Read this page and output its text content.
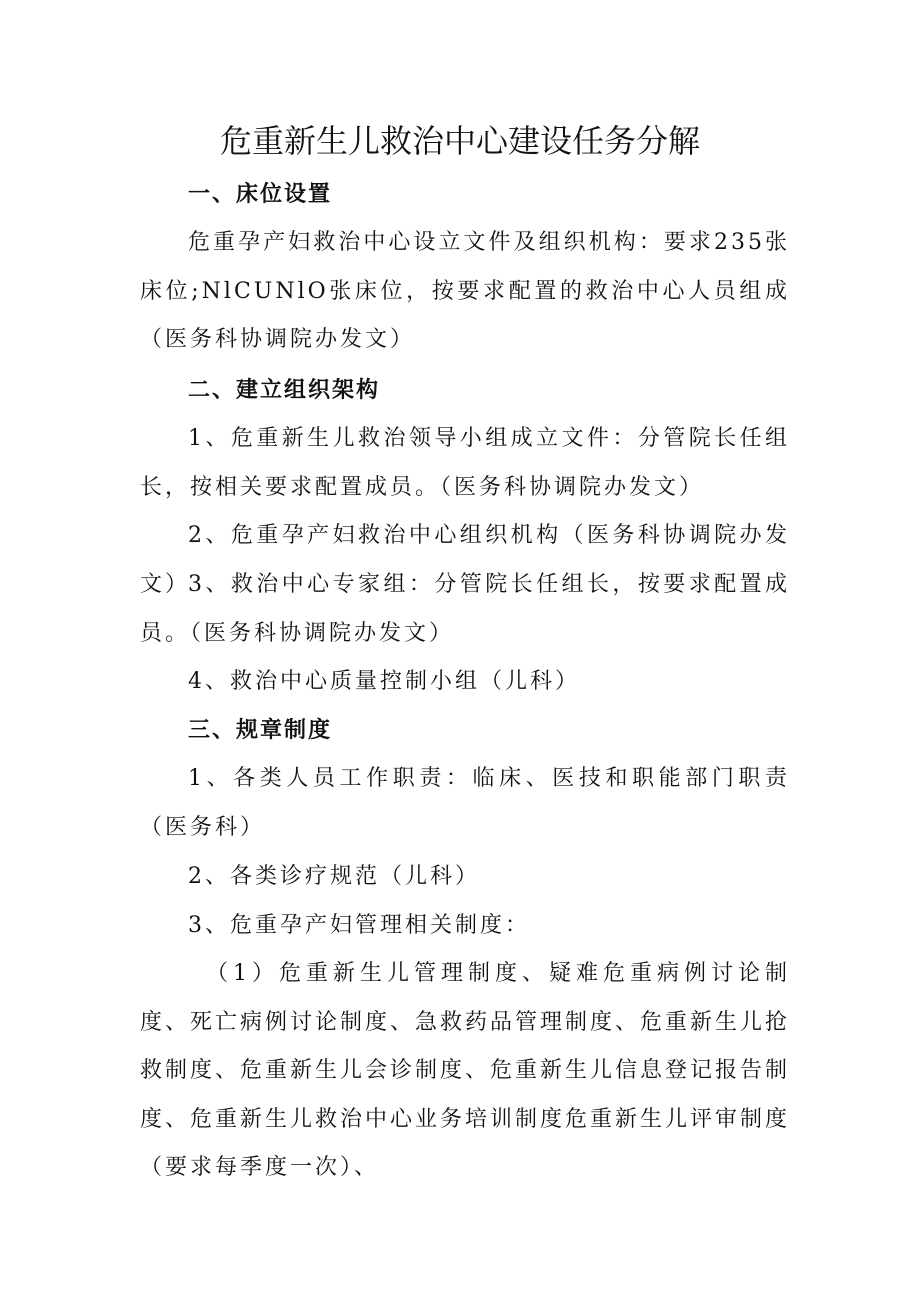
危重新生儿救治中心建设任务分解
一、床位设置

危重孕产妇救治中心设立文件及组织机构：要求235张床位;NlCUNlO张床位，按要求配置的救治中心人员组成（医务科协调院办发文）

二、建立组织架构

1、危重新生儿救治领导小组成立文件：分管院长任组长，按相关要求配置成员。（医务科协调院办发文）

2、危重孕产妇救治中心组织机构（医务科协调院办发文）

3、救治中心专家组：分管院长任组长，按要求配置成员。（医务科协调院办发文）

4、救治中心质量控制小组（儿科）

三、规章制度

1、各类人员工作职责：临床、医技和职能部门职责（医务科）

2、各类诊疗规范（儿科）

3、危重孕产妇管理相关制度：

（1）危重新生儿管理制度、疑难危重病例讨论制度、死亡病例讨论制度、急救药品管理制度、危重新生儿抢救制度、危重新生儿会诊制度、危重新生儿信息登记报告制度、危重新生儿救治中心业务培训制度危重新生儿评审制度（要求每季度一次）、
